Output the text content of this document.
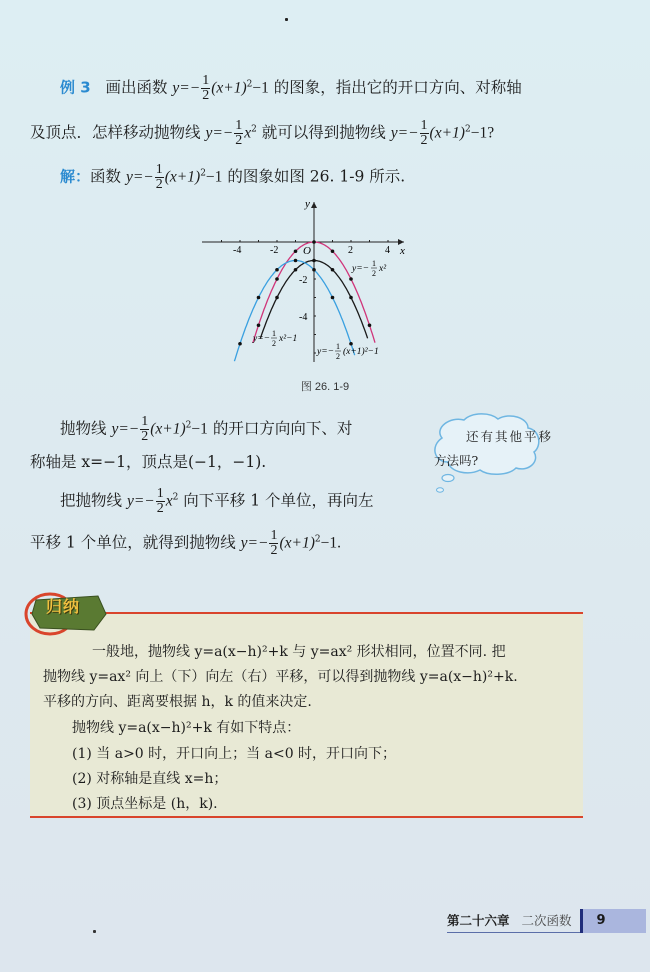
例 3 画出函数 $y=- \frac{1}{2} (x+1)^2-1$ 的图象，指出它的开口方向、对称轴
及顶点．怎样移动抛物线 $y=- \frac{1}{2} x^2$ 就可以得到抛物线 $y=- \frac{1}{2} (x+1)^2-1$?
解：函数 $y=- \frac{1}{2} (x+1)^2-1$ 的图象如图 26. 1-9 所示.
-4	-2	2	4
-2
-4
x
y
O
y=−
1
2 x²
y=−
1
2 x²−1
y=−
1
2 (x+1)²−1
图 26. 1-9
抛物线 $y=- \frac{1}{2} (x+1)^2-1$ 的开口方向向下、对
称轴是 x=−1，顶点是(−1，−1).
把抛物线 $y=- \frac{1}{2} x^2$ 向下平移 1 个单位，再向左
平移 1 个单位，就得到抛物线 $y=- \frac{1}{2} (x+1)^2-1$.
还有其他平移
方法吗?
归纳
一般地，抛物线 y=a(x−h)²+k 与 y=ax² 形状相同，位置不同. 把
抛物线 y=ax² 向上（下）向左（右）平移，可以得到抛物线 y=a(x−h)²+k.
平移的方向、距离要根据 h，k 的值来决定.
抛物线 y=a(x−h)²+k 有如下特点：
(1) 当 a>0 时，开口向上；当 a<0 时，开口向下；
(2) 对称轴是直线 x=h；
(3) 顶点坐标是 (h，k).
第二十六章 二次函数	9
